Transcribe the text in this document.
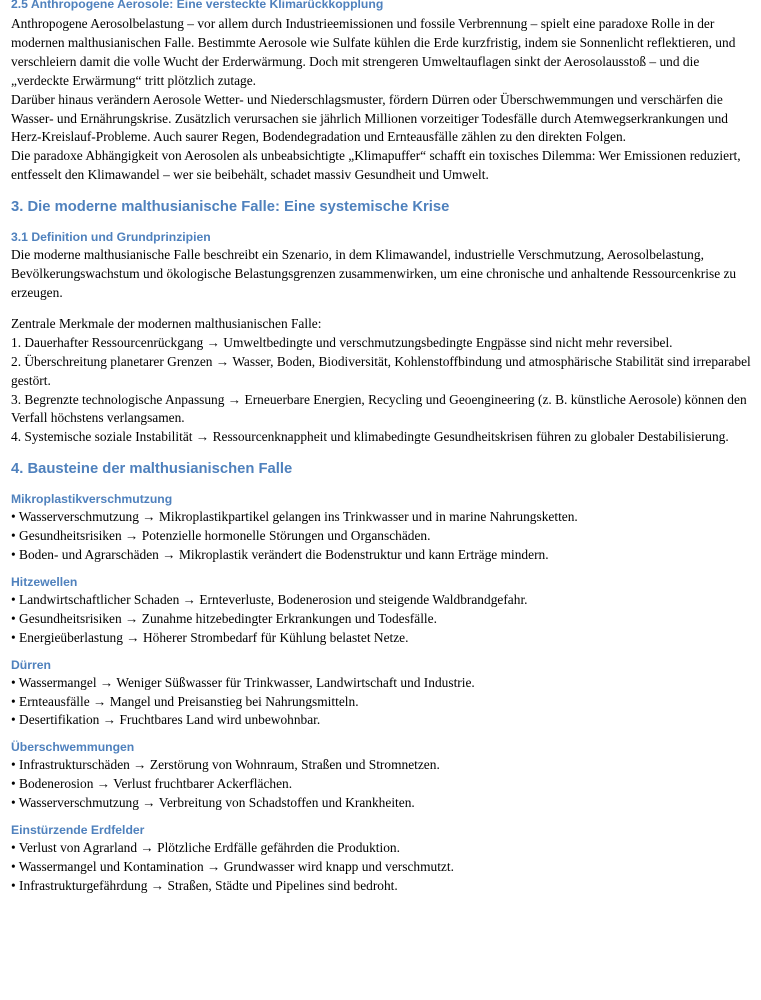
2.5 Anthropogene Aerosole: Eine versteckte Klimarückkopplung

Anthropogene Aerosolbelastung – vor allem durch Industrieemissionen und fossile Verbrennung – spielt eine paradoxe Rolle in der modernen malthusianischen Falle. Bestimmte Aerosole wie Sulfate kühlen die Erde kurzfristig, indem sie Sonnenlicht reflektieren, und verschleiern damit die volle Wucht der Erderwärmung. Doch mit strengeren Umweltauflagen sinkt der Aerosolausstoß – und die „verdeckte Erwärmung“ tritt plötzlich zutage.

Darüber hinaus verändern Aerosole Wetter- und Niederschlagsmuster, fördern Dürren oder Überschwemmungen und verschärfen die Wasser- und Ernährungskrise. Zusätzlich verursachen sie jährlich Millionen vorzeitiger Todesfälle durch Atemwegserkrankungen und Herz-Kreislauf-Probleme. Auch saurer Regen, Bodendegradation und Ernteausfälle zählen zu den direkten Folgen.

Die paradoxe Abhängigkeit von Aerosolen als unbeabsichtigte „Klimapuffer“ schafft ein toxisches Dilemma: Wer Emissionen reduziert, entfesselt den Klimawandel – wer sie beibehält, schadet massiv Gesundheit und Umwelt.

3. Die moderne malthusianische Falle: Eine systemische Krise
3.1 Definition und Grundprinzipien

Die moderne malthusianische Falle beschreibt ein Szenario, in dem Klimawandel, industrielle Verschmutzung, Aerosolbelastung, Bevölkerungswachstum und ökologische Belastungsgrenzen zusammenwirken, um eine chronische und anhaltende Ressourcenkrise zu erzeugen.

Zentrale Merkmale der modernen malthusianischen Falle:

1. Dauerhafter Ressourcenrückgang → Umweltbedingte und verschmutzungsbedingte Engpässe sind nicht mehr reversibel.

2. Überschreitung planetarer Grenzen → Wasser, Boden, Biodiversität, Kohlenstoffbindung und atmosphärische Stabilität sind irreparabel gestört.

3. Begrenzte technologische Anpassung → Erneuerbare Energien, Recycling und Geoengineering (z. B. künstliche Aerosole) können den Verfall höchstens verlangsamen.

4. Systemische soziale Instabilität → Ressourcenknappheit und klimabedingte Gesundheitskrisen führen zu globaler Destabilisierung.

4. Bausteine der malthusianischen Falle
Mikroplastikverschmutzung

• Wasserverschmutzung → Mikroplastikpartikel gelangen ins Trinkwasser und in marine Nahrungsketten.

• Gesundheitsrisiken → Potenzielle hormonelle Störungen und Organschäden.

• Boden- und Agrarschäden → Mikroplastik verändert die Bodenstruktur und kann Erträge mindern.

Hitzewellen

• Landwirtschaftlicher Schaden → Ernteverluste, Bodenerosion und steigende Waldbrandgefahr.

• Gesundheitsrisiken → Zunahme hitzebedingter Erkrankungen und Todesfälle.

• Energieüberlastung → Höherer Strombedarf für Kühlung belastet Netze.

Dürren

• Wassermangel → Weniger Süßwasser für Trinkwasser, Landwirtschaft und Industrie.

• Ernteausfälle → Mangel und Preisanstieg bei Nahrungsmitteln.

• Desertifikation → Fruchtbares Land wird unbewohnbar.

Überschwemmungen

• Infrastrukturschäden → Zerstörung von Wohnraum, Straßen und Stromnetzen.

• Bodenerosion → Verlust fruchtbarer Ackerflächen.

• Wasserverschmutzung → Verbreitung von Schadstoffen und Krankheiten.

Einstürzende Erdfelder

• Verlust von Agrarland → Plötzliche Erdfälle gefährden die Produktion.

• Wassermangel und Kontamination → Grundwasser wird knapp und verschmutzt.

• Infrastrukturgefährdung → Straßen, Städte und Pipelines sind bedroht.
